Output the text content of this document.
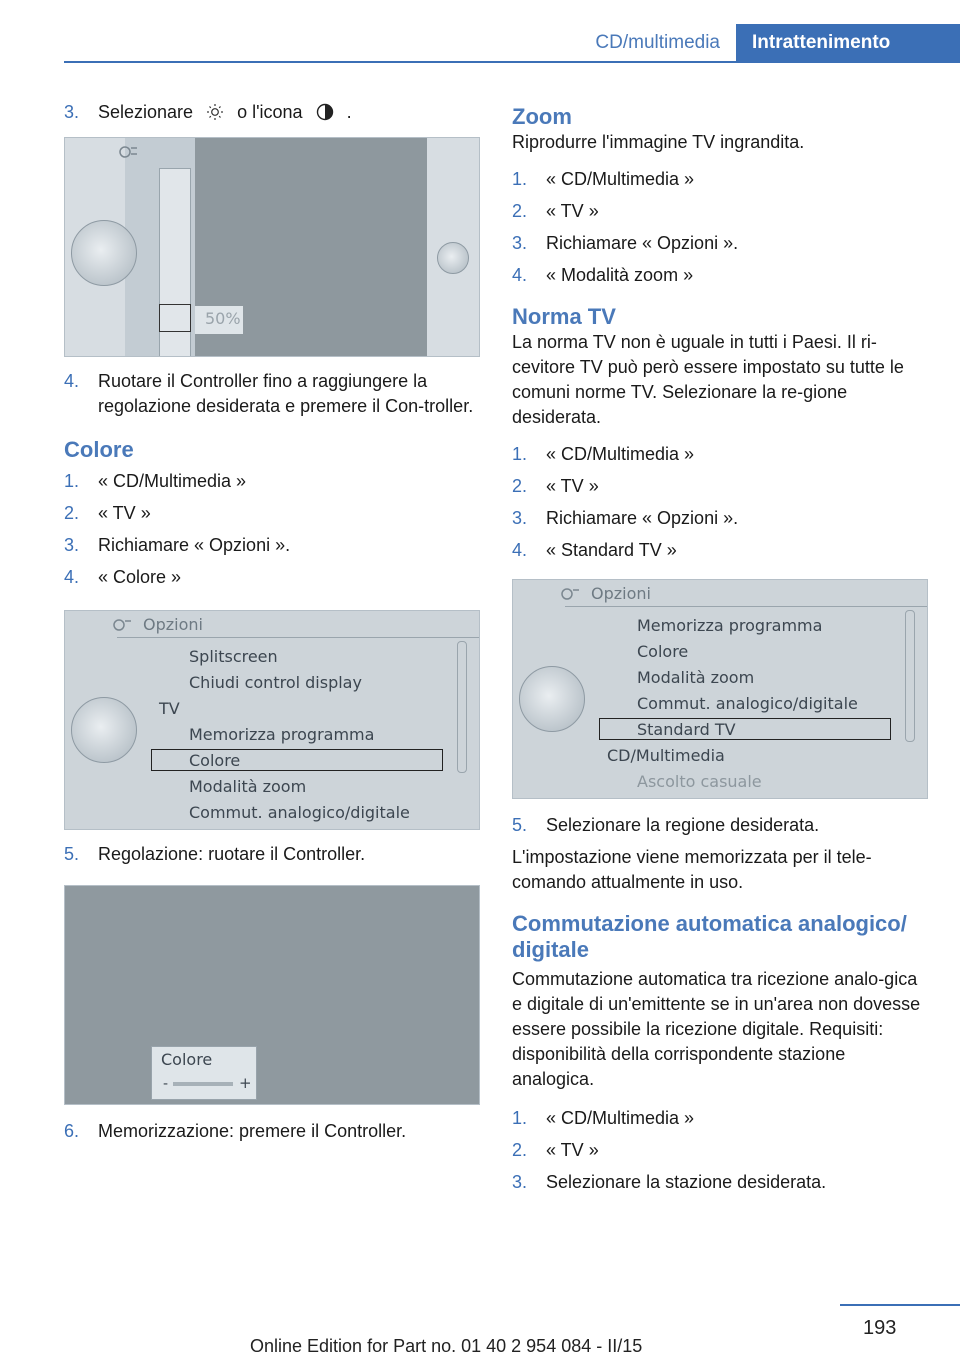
CD/multimedia	Intrattenimento
3.	Selezionare o l'icona .
50%
4.	Ruotare il Controller fino a raggiungere la regolazione desiderata e premere il Con-troller.
Colore
1.	« CD/Multimedia »
2.	« TV »
3.	Richiamare « Opzioni ».
4.	« Colore »
Opzioni
Splitscreen
Chiudi control display
TV
Memorizza programma
Colore
Modalità zoom
Commut. analogico/digitale
5.	Regolazione: ruotare il Controller.
Colore
-	+
6.	Memorizzazione: premere il Controller.
Zoom
Riprodurre l'immagine TV ingrandita.
1.	« CD/Multimedia »
2.	« TV »
3.	Richiamare « Opzioni ».
4.	« Modalità zoom »
Norma TV
La norma TV non è uguale in tutti i Paesi. Il ri-cevitore TV può però essere impostato su tutte le comuni norme TV. Selezionare la re-gione desiderata.
1.	« CD/Multimedia »
2.	« TV »
3.	Richiamare « Opzioni ».
4.	« Standard TV »
Opzioni
Memorizza programma
Colore
Modalità zoom
Commut. analogico/digitale
Standard TV
CD/Multimedia
Ascolto casuale
5.	Selezionare la regione desiderata.
L'impostazione viene memorizzata per il tele-comando attualmente in uso.
Commutazione automatica analogico/ digitale
Commutazione automatica tra ricezione analo-gica e digitale di un'emittente se in un'area non dovesse essere possibile la ricezione digitale. Requisiti: disponibilità della corrispondente stazione analogica.
1.	« CD/Multimedia »
2.	« TV »
3.	Selezionare la stazione desiderata.
193
Online Edition for Part no. 01 40 2 954 084 - II/15
